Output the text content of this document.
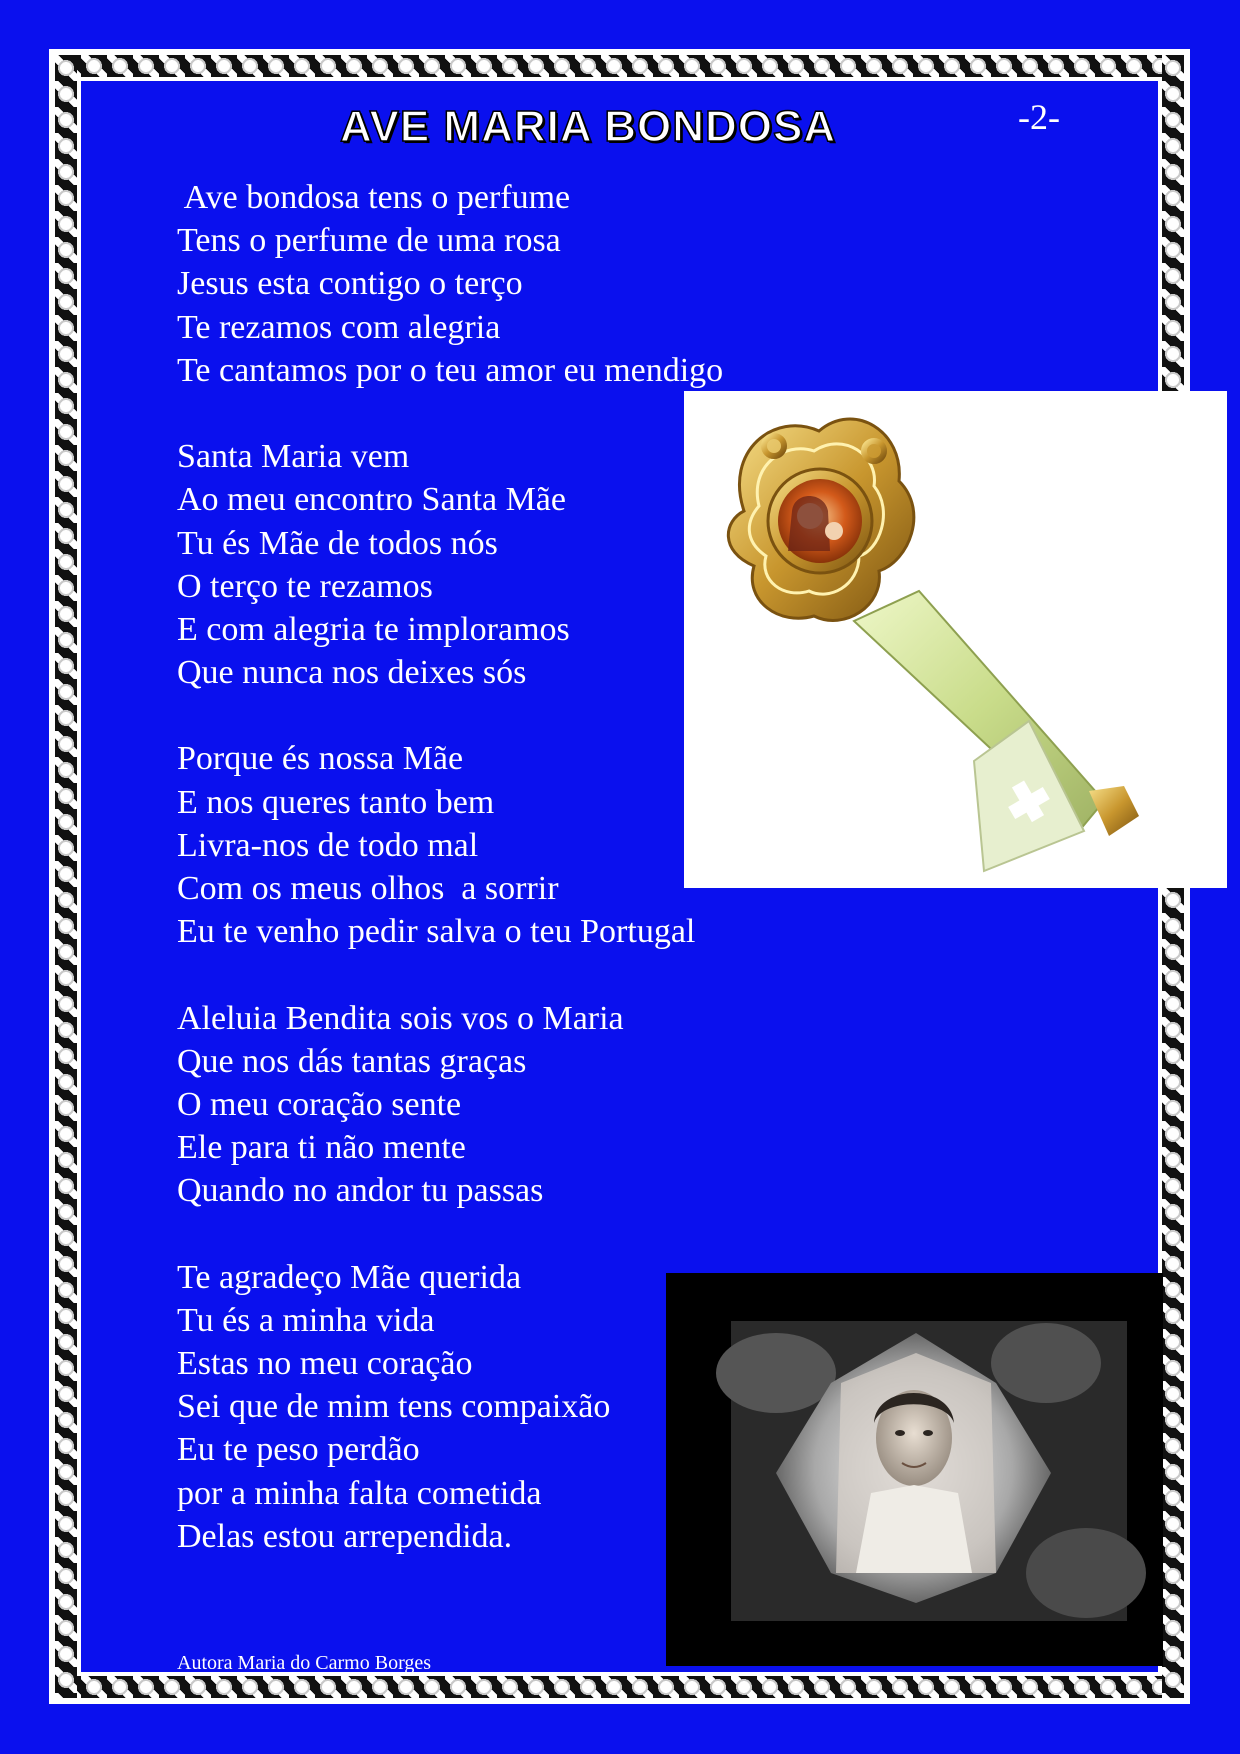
AVE MARIA BONDOSA	-2-
Ave bondosa tens o perfume
Tens o perfume de uma rosa
Jesus esta contigo o terço
Te rezamos com alegria
Te cantamos por o teu amor eu mendigo
Santa Maria vem
Ao meu encontro Santa Mãe
Tu és Mãe de todos nós
O terço te rezamos
E com alegria te imploramos
Que nunca nos deixes sós
Porque és nossa Mãe
E nos queres tanto bem
Livra-nos de todo mal
Com os meus olhos  a sorrir
Eu te venho pedir salva o teu Portugal
Aleluia Bendita sois vos o Maria
Que nos dás tantas graças
O meu coração sente
Ele para ti não mente
Quando no andor tu passas
Te agradeço Mãe querida
Tu és a minha vida
Estas no meu coração
Sei que de mim tens compaixão
Eu te peso perdão
por a minha falta cometida
Delas estou arrependida.
Autora Maria do Carmo Borges
